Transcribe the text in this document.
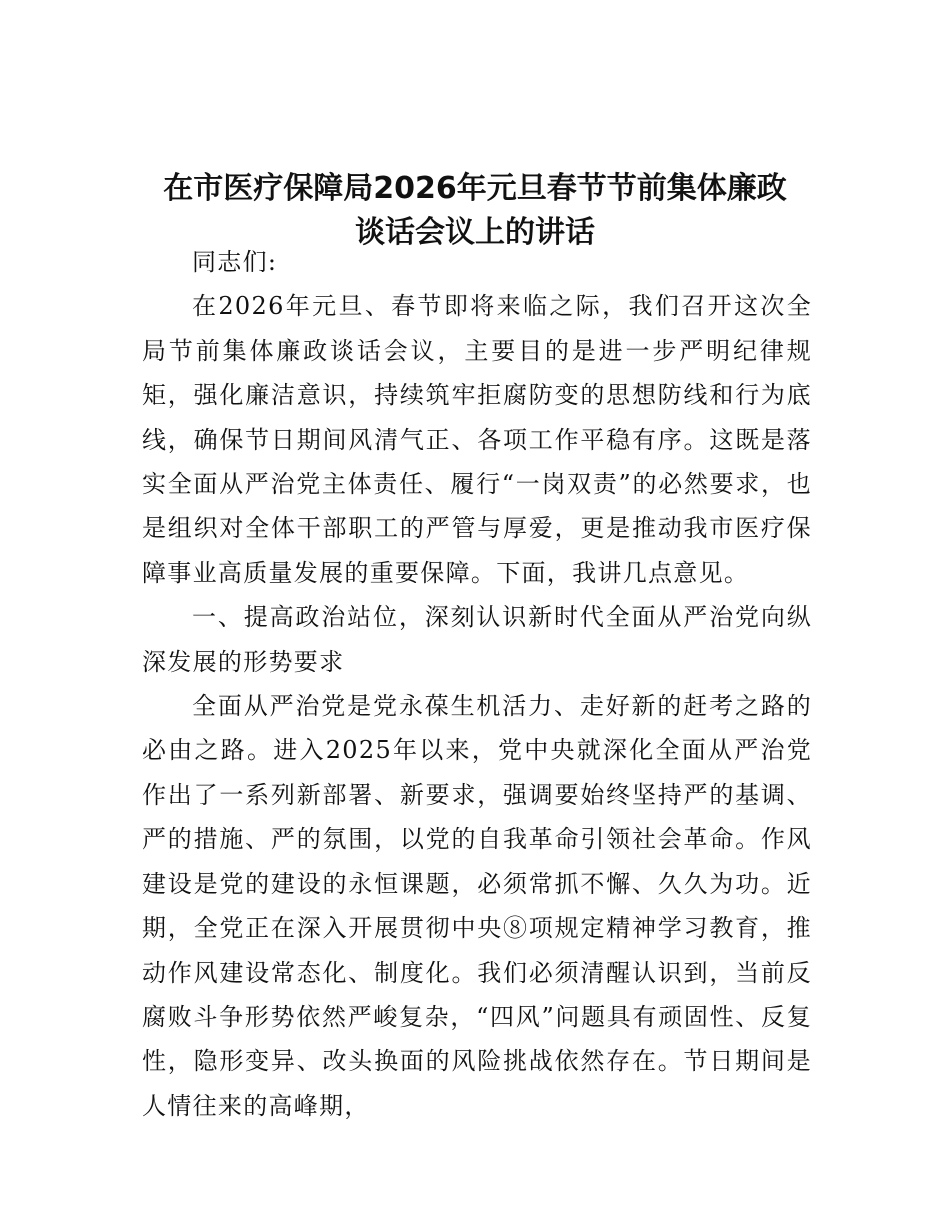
在市医疗保障局2026年元旦春节节前集体廉政
谈话会议上的讲话

同志们:

在2026年元旦、春节即将来临之际，我们召开这次全局节前集体廉政谈话会议，主要目的是进一步严明纪律规矩，强化廉洁意识，持续筑牢拒腐防变的思想防线和行为底线，确保节日期间风清气正、各项工作平稳有序。这既是落实全面从严治党主体责任、履行“一岗双责”的必然要求，也是组织对全体干部职工的严管与厚爱，更是推动我市医疗保障事业高质量发展的重要保障。下面，我讲几点意见。

一、提高政治站位，深刻认识新时代全面从严治党向纵深发展的形势要求

全面从严治党是党永葆生机活力、走好新的赶考之路的必由之路。进入2025年以来，党中央就深化全面从严治党作出了一系列新部署、新要求，强调要始终坚持严的基调、严的措施、严的氛围，以党的自我革命引领社会革命。作风建设是党的建设的永恒课题，必须常抓不懈、久久为功。近期，全党正在深入开展贯彻中央⑧项规定精神学习教育，推动作风建设常态化、制度化。我们必须清醒认识到，当前反腐败斗争形势依然严峻复杂，“四风”问题具有顽固性、反复性，隐形变异、改头换面的风险挑战依然存在。节日期间是人情往来的高峰期，
